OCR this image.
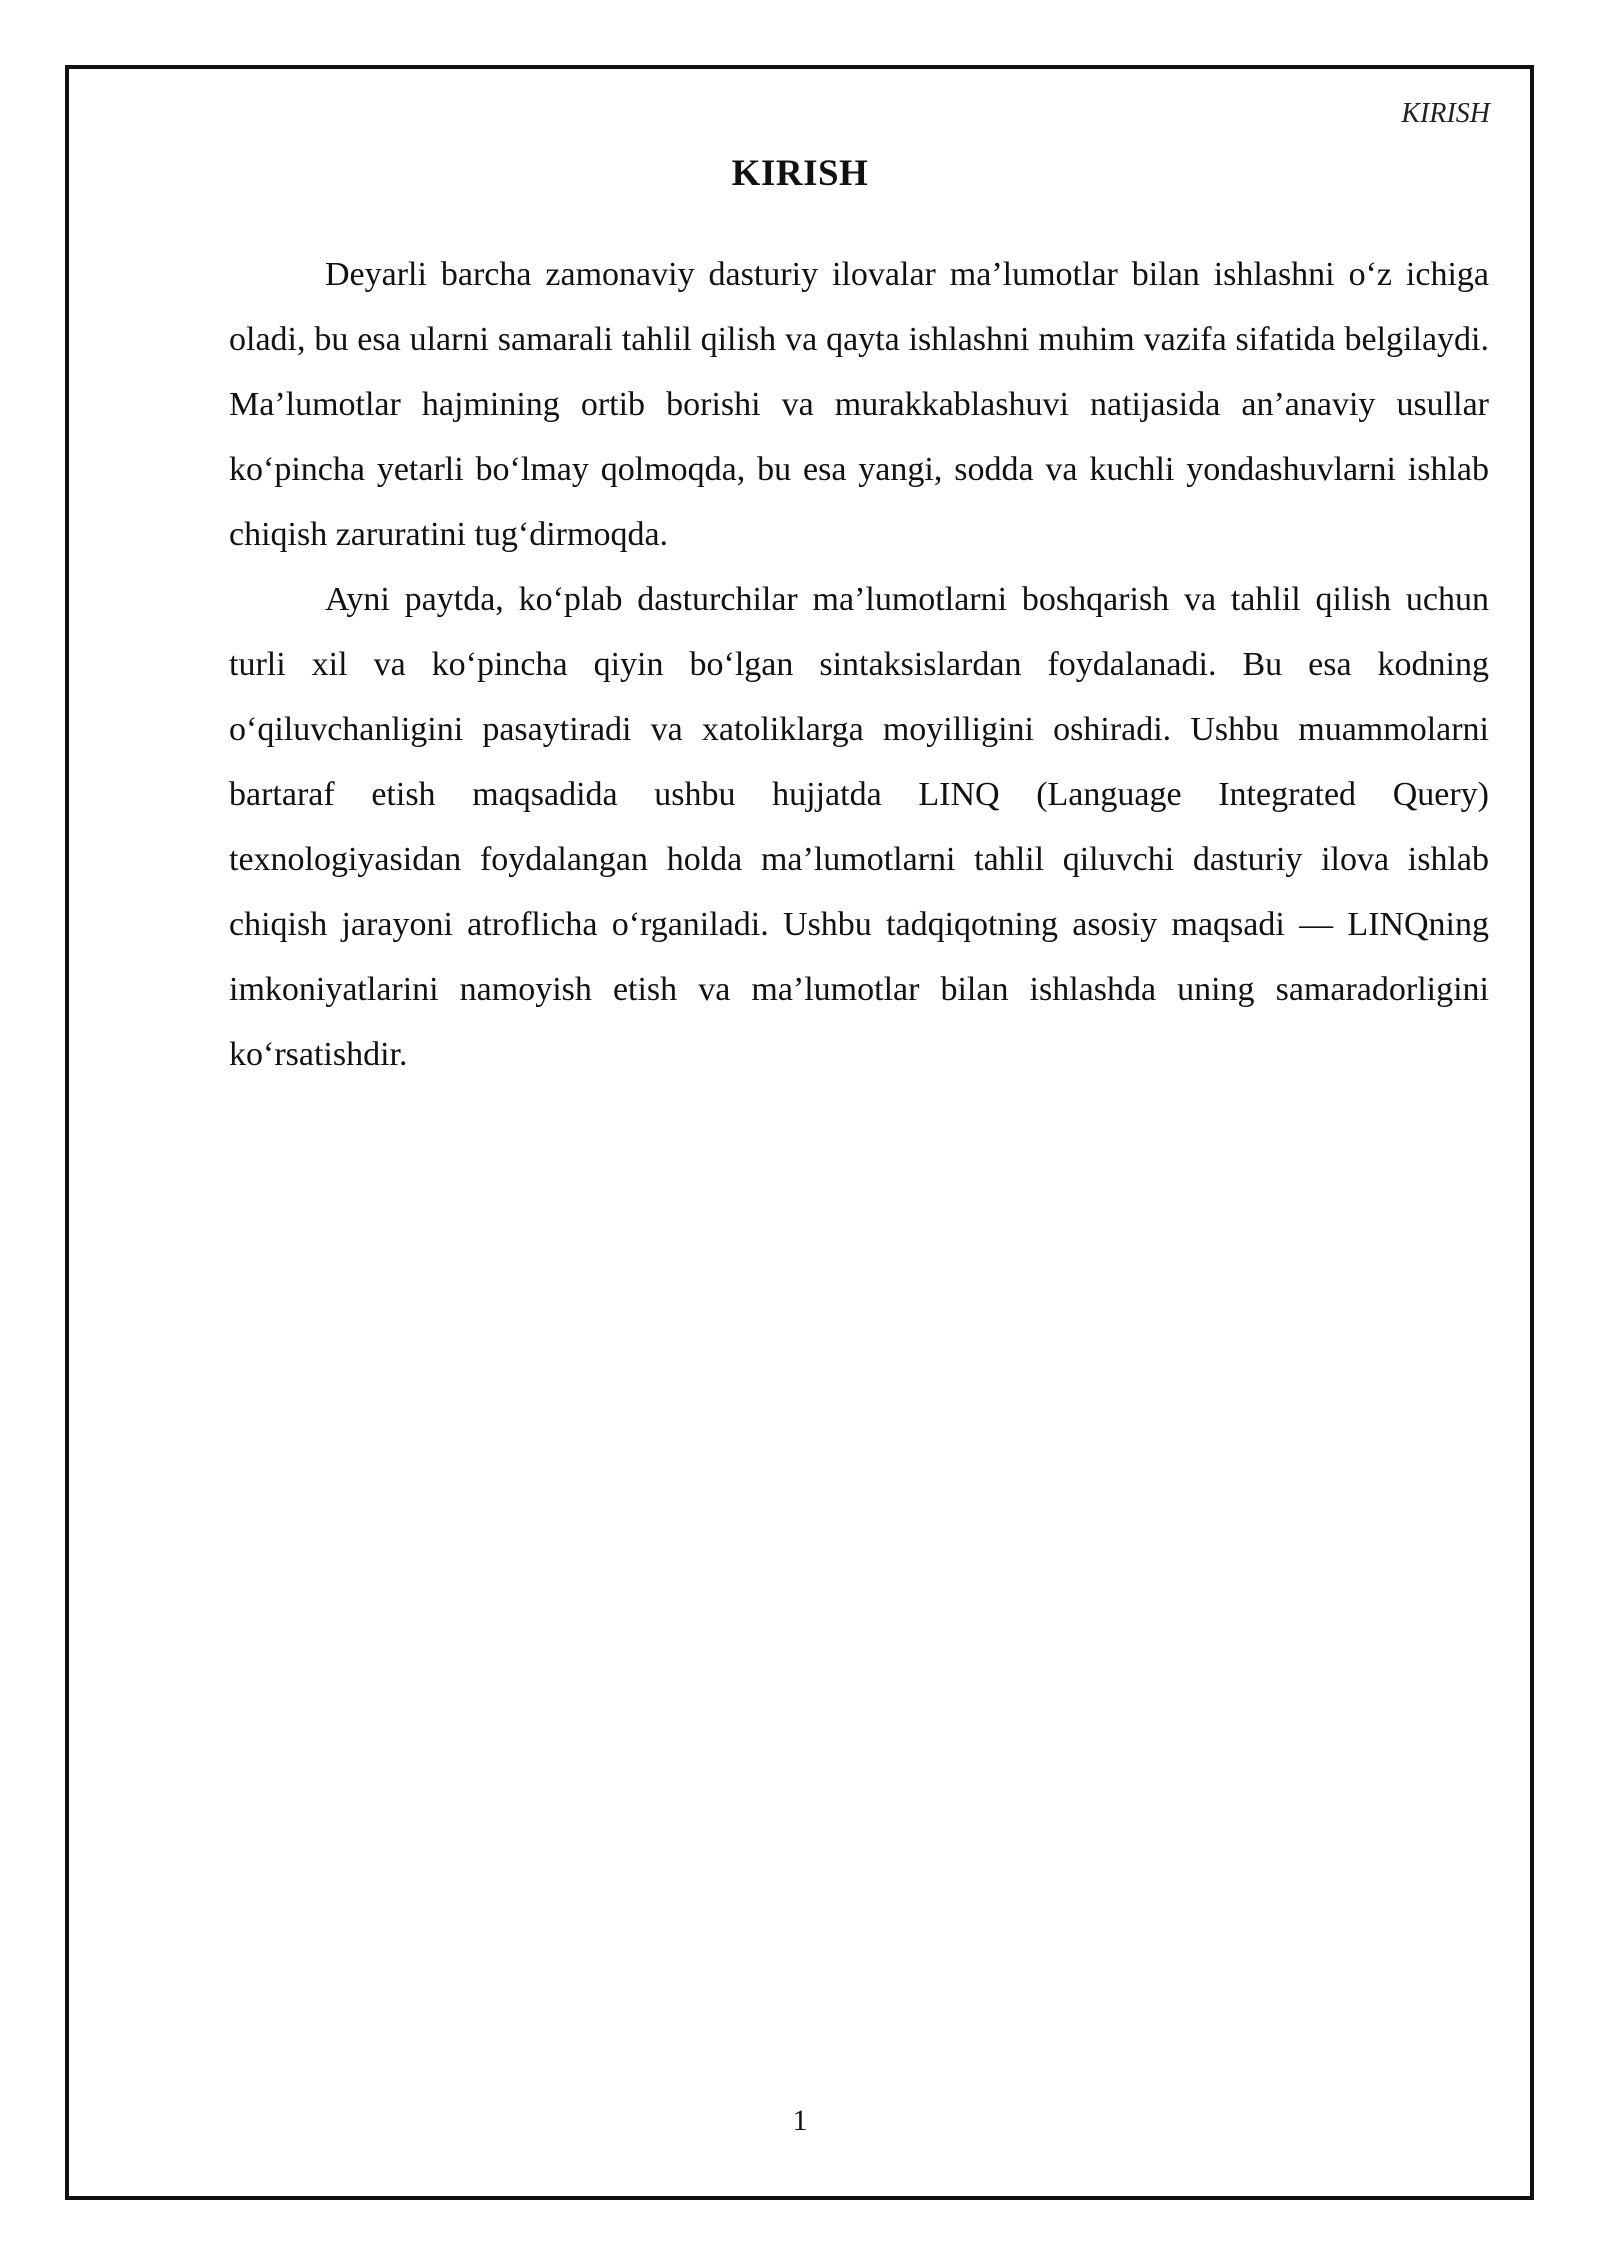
KIRISH
KIRISH

Deyarli barcha zamonaviy dasturiy ilovalar ma’lumotlar bilan ishlashni o‘z ichiga oladi, bu esa ularni samarali tahlil qilish va qayta ishlashni muhim vazifa sifatida belgilaydi. Ma’lumotlar hajmining ortib borishi va murakkablashuvi natijasida an’anaviy usullar ko‘pincha yetarli bo‘lmay qolmoqda, bu esa yangi, sodda va kuchli yondashuvlarni ishlab chiqish zaruratini tug‘dirmoqda.

Ayni paytda, ko‘plab dasturchilar ma’lumotlarni boshqarish va tahlil qilish uchun turli xil va ko‘pincha qiyin bo‘lgan sintaksislardan foydalanadi. Bu esa kodning o‘qiluvchanligini pasaytiradi va xatoliklarga moyilligini oshiradi. Ushbu muammolarni bartaraf etish maqsadida ushbu hujjatda LINQ (Language Integrated Query) texnologiyasidan foydalangan holda ma’lumotlarni tahlil qiluvchi dasturiy ilova ishlab chiqish jarayoni atroflicha o‘rganiladi. Ushbu tadqiqotning asosiy maqsadi — LINQning imkoniyatlarini namoyish etish va ma’lumotlar bilan ishlashda uning samaradorligini ko‘rsatishdir.

1
